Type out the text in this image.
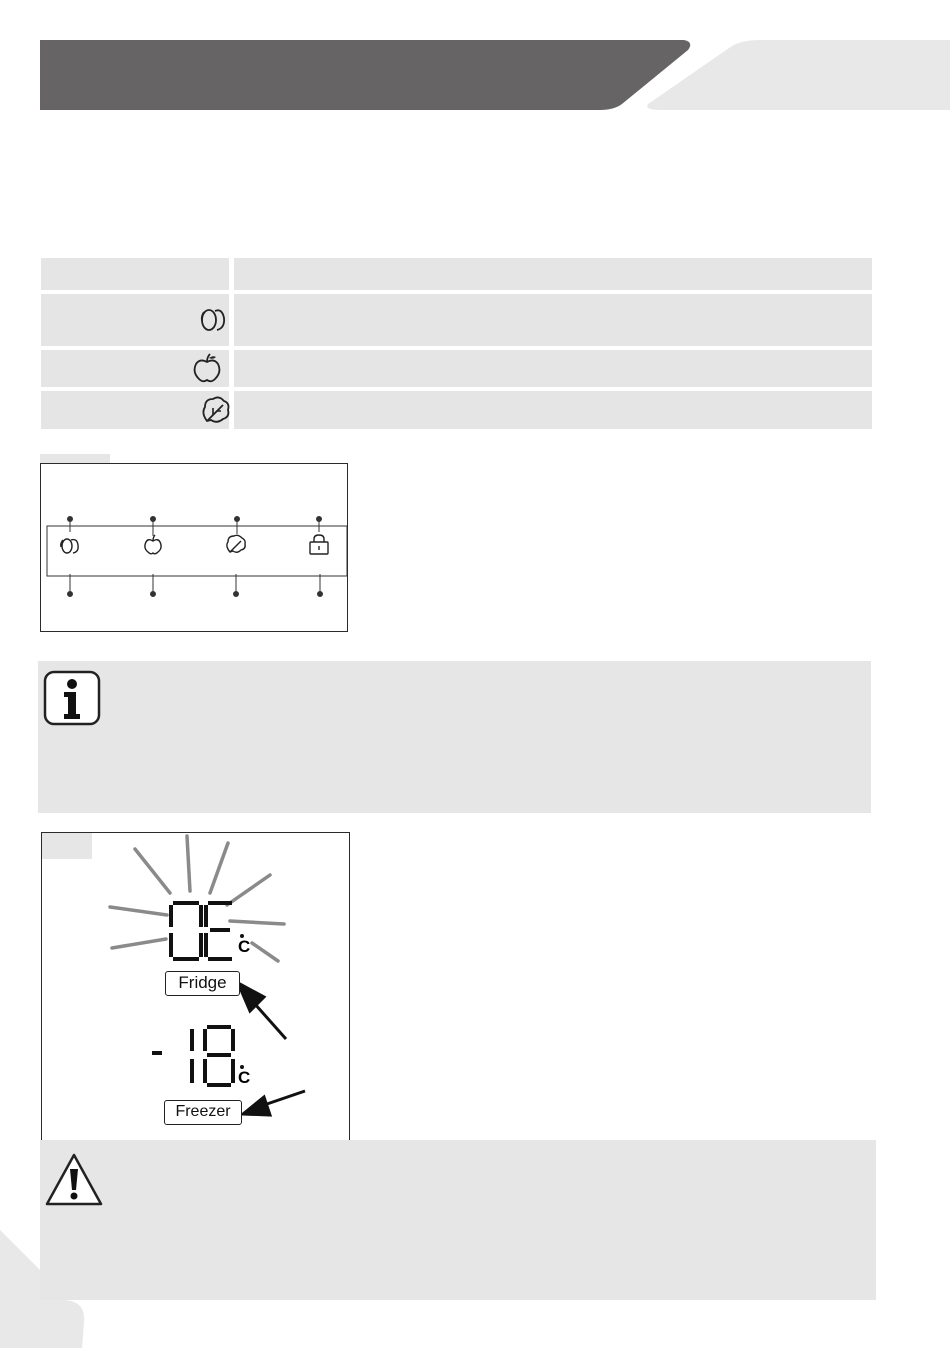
C
C
Fridge
Freezer
